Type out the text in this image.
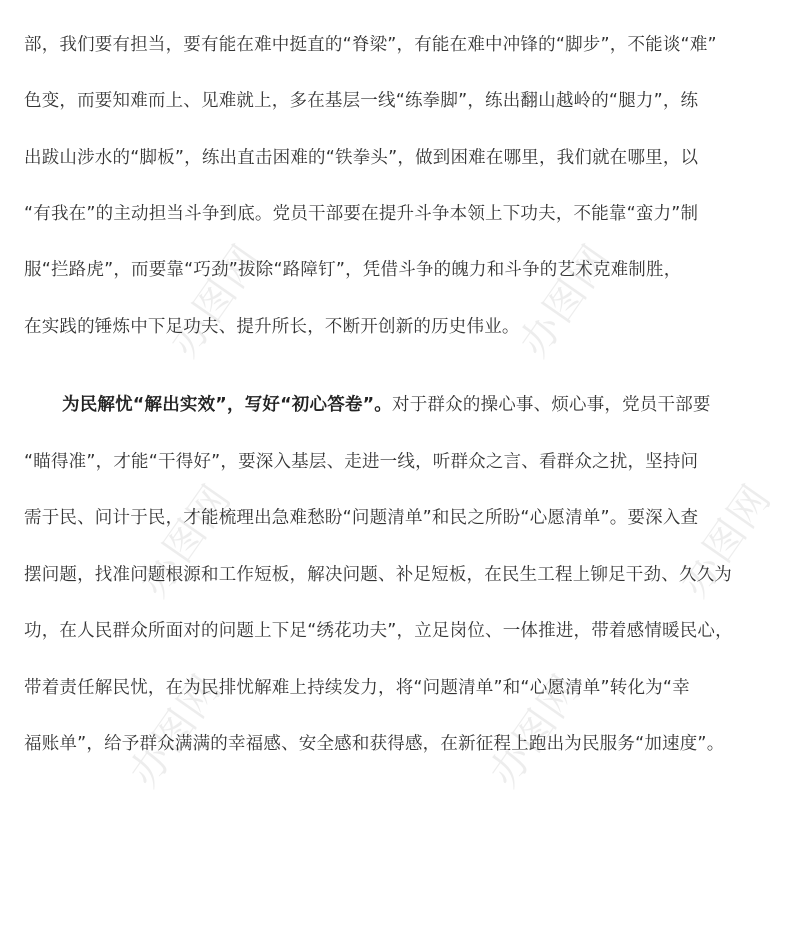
办图网	办图网
办图网	办图网
办图网	办图网
部，我们要有担当，要有能在难中挺直的“脊梁”，有能在难中冲锋的“脚步”，不能谈“难”
色变，而要知难而上、见难就上，多在基层一线“练拳脚”，练出翻山越岭的“腿力”，练
出跋山涉水的“脚板”，练出直击困难的“铁拳头”，做到困难在哪里，我们就在哪里，以
“有我在”的主动担当斗争到底。党员干部要在提升斗争本领上下功夫，不能靠“蛮力”制
服“拦路虎”，而要靠“巧劲”拔除“路障钉”，凭借斗争的魄力和斗争的艺术克难制胜，
在实践的锤炼中下足功夫、提升所长，不断开创新的历史伟业。
为民解忧“解出实效”，写好“初心答卷”。对于群众的操心事、烦心事，党员干部要
“瞄得准”，才能“干得好”，要深入基层、走进一线，听群众之言、看群众之扰，坚持问
需于民、问计于民，才能梳理出急难愁盼“问题清单”和民之所盼“心愿清单”。要深入查
摆问题，找准问题根源和工作短板，解决问题、补足短板，在民生工程上铆足干劲、久久为
功，在人民群众所面对的问题上下足“绣花功夫”，立足岗位、一体推进，带着感情暖民心，
带着责任解民忧，在为民排忧解难上持续发力，将“问题清单”和“心愿清单”转化为“幸
福账单”，给予群众满满的幸福感、安全感和获得感，在新征程上跑出为民服务“加速度”。
